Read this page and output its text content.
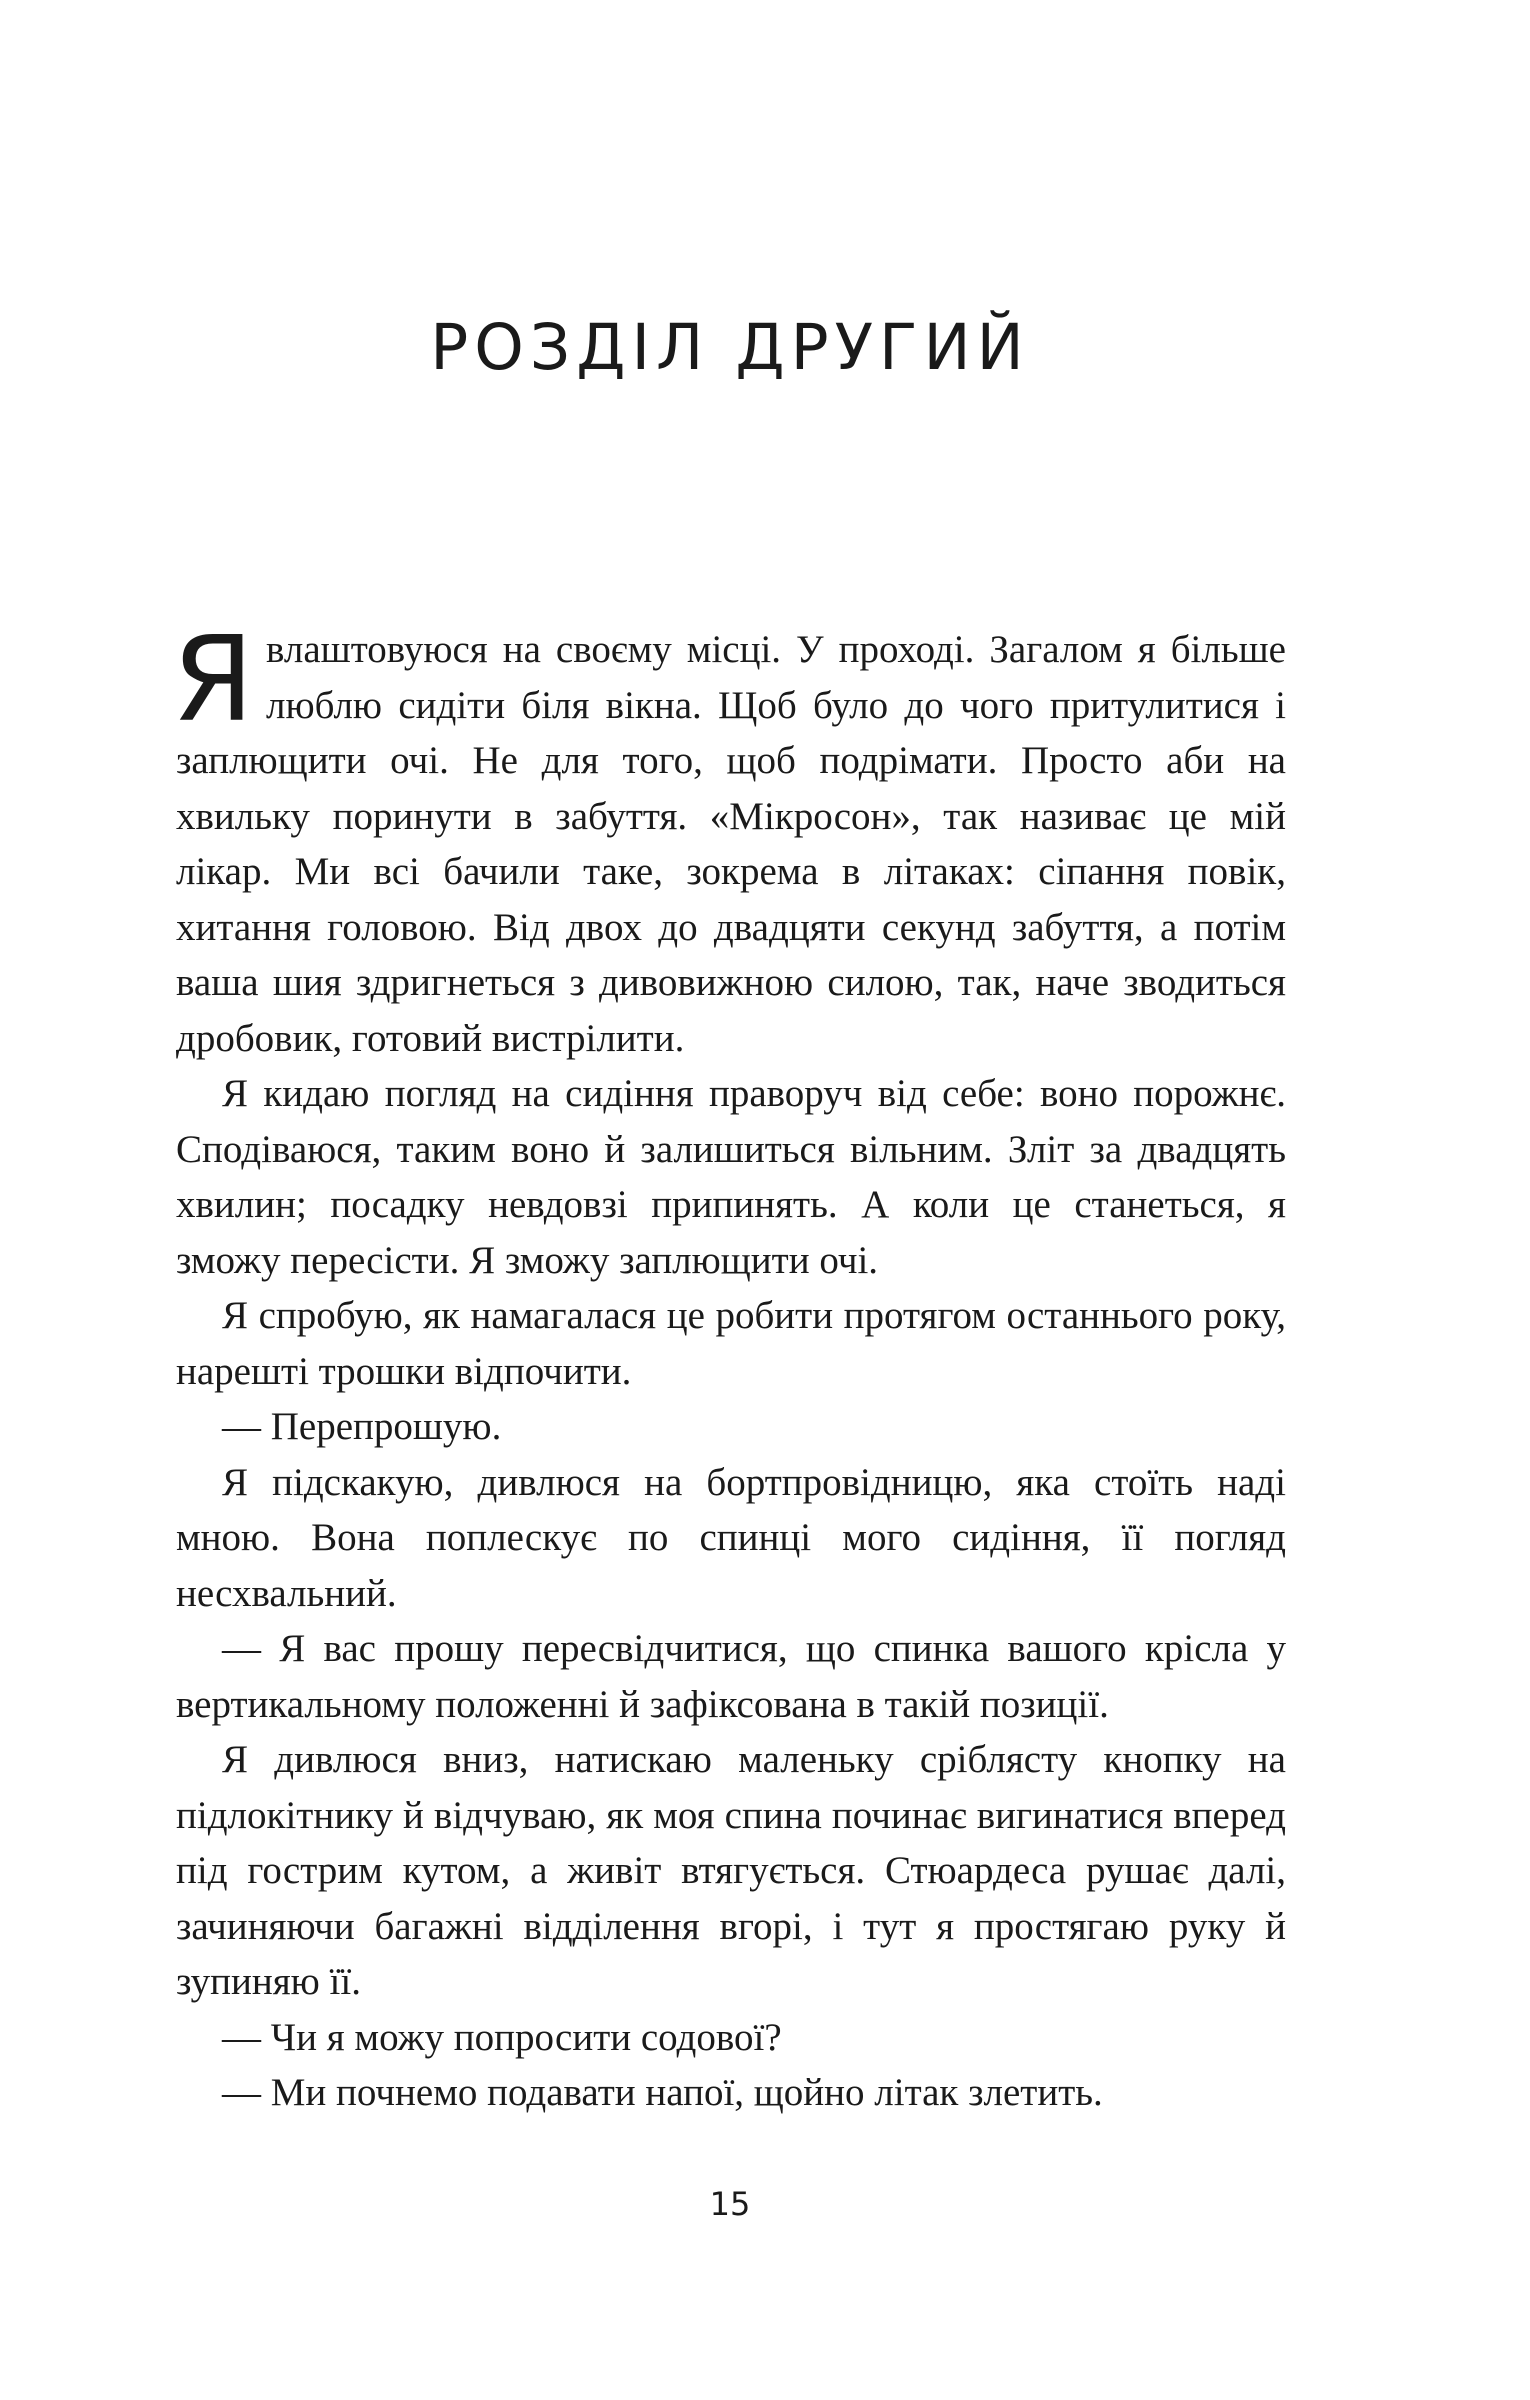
РОЗДІЛ ДРУГИЙ

Явлаштовуюся на своєму місці. У проході. Загалом я більше люблю сидіти біля вікна. Щоб було до чого притулитися і заплющити очі. Не для того, щоб подрімати. Просто аби на хвильку поринути в забуття. «Мікросон», так називає це мій лікар. Ми всі бачили таке, зокрема в літаках: сіпання повік, хитання головою. Від двох до двадцяти секунд забуття, а потім ваша шия здригнеться з дивовижною силою, так, наче зводиться дробовик, готовий вистрілити.

Я кидаю погляд на сидіння праворуч від себе: воно порожнє. Сподіваюся, таким воно й залишиться вільним. Зліт за двадцять хвилин; посадку невдовзі припинять. А коли це станеться, я зможу пересісти. Я зможу заплющити очі.

Я спробую, як намагалася це робити протягом останнього року, нарешті трошки відпочити.

— Перепрошую.

Я підскакую, дивлюся на бортпровідницю, яка стоїть наді мною. Вона поплескує по спинці мого сидіння, її погляд несхвальний.

— Я вас прошу пересвідчитися, що спинка вашого крісла у вертикальному положенні й зафіксована в такій позиції.

Я дивлюся вниз, натискаю маленьку сріблясту кнопку на підлокітнику й відчуваю, як моя спина починає вигинатися вперед під гострим кутом, а живіт втягується. Стюардеса рушає далі, зачиняючи багажні відділення вгорі, і тут я простягаю руку й зупиняю її.

— Чи я можу попросити содової?

— Ми почнемо подавати напої, щойно літак злетить.

15
